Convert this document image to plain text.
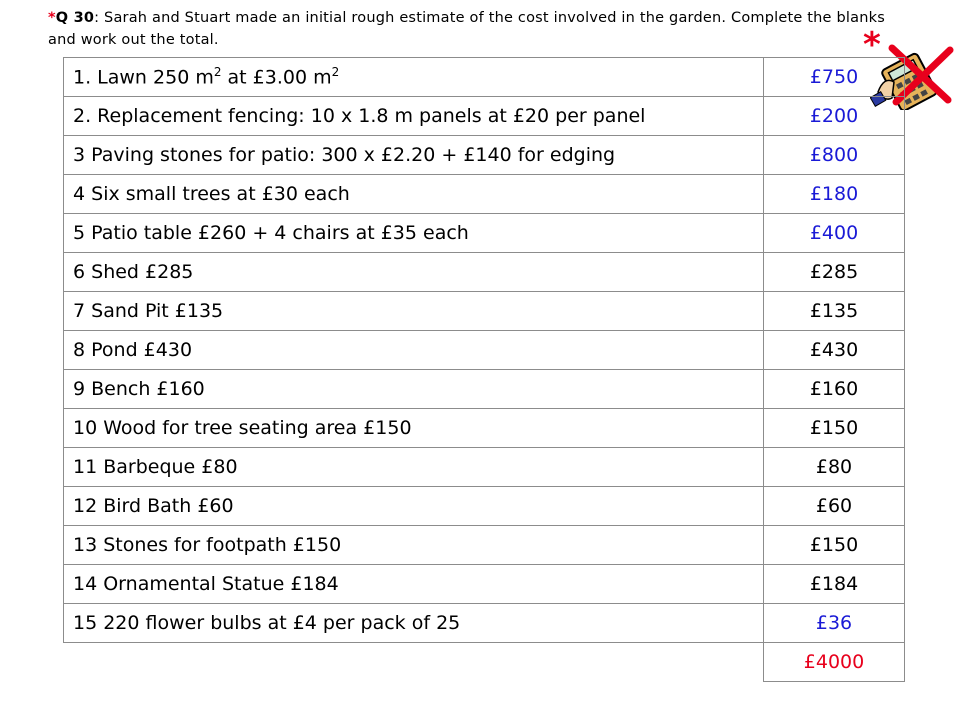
*Q 30: Sarah and Stuart made an initial rough estimate of the cost involved in the garden. Complete the blanks and work out the total.	*
1. Lawn 250 $m^2$ at £3.00 $m^2$	£750
2. Replacement fencing: 10 x 1.8 m panels at £20 per panel	£200
3 Paving stones for patio: 300 x £2.20 + £140 for edging	£800
4 Six small trees at £30 each	£180
5 Patio table £260 + 4 chairs at £35 each	£400
6 Shed £285	£285
7 Sand Pit £135	£135
8 Pond £430	£430
9 Bench £160	£160
10 Wood for tree seating area £150	£150
11 Barbeque £80	£80
12 Bird Bath £60	£60
13 Stones for footpath £150	£150
14 Ornamental Statue £184	£184
15 220 flower bulbs at £4 per pack of 25	£36
	£4000
